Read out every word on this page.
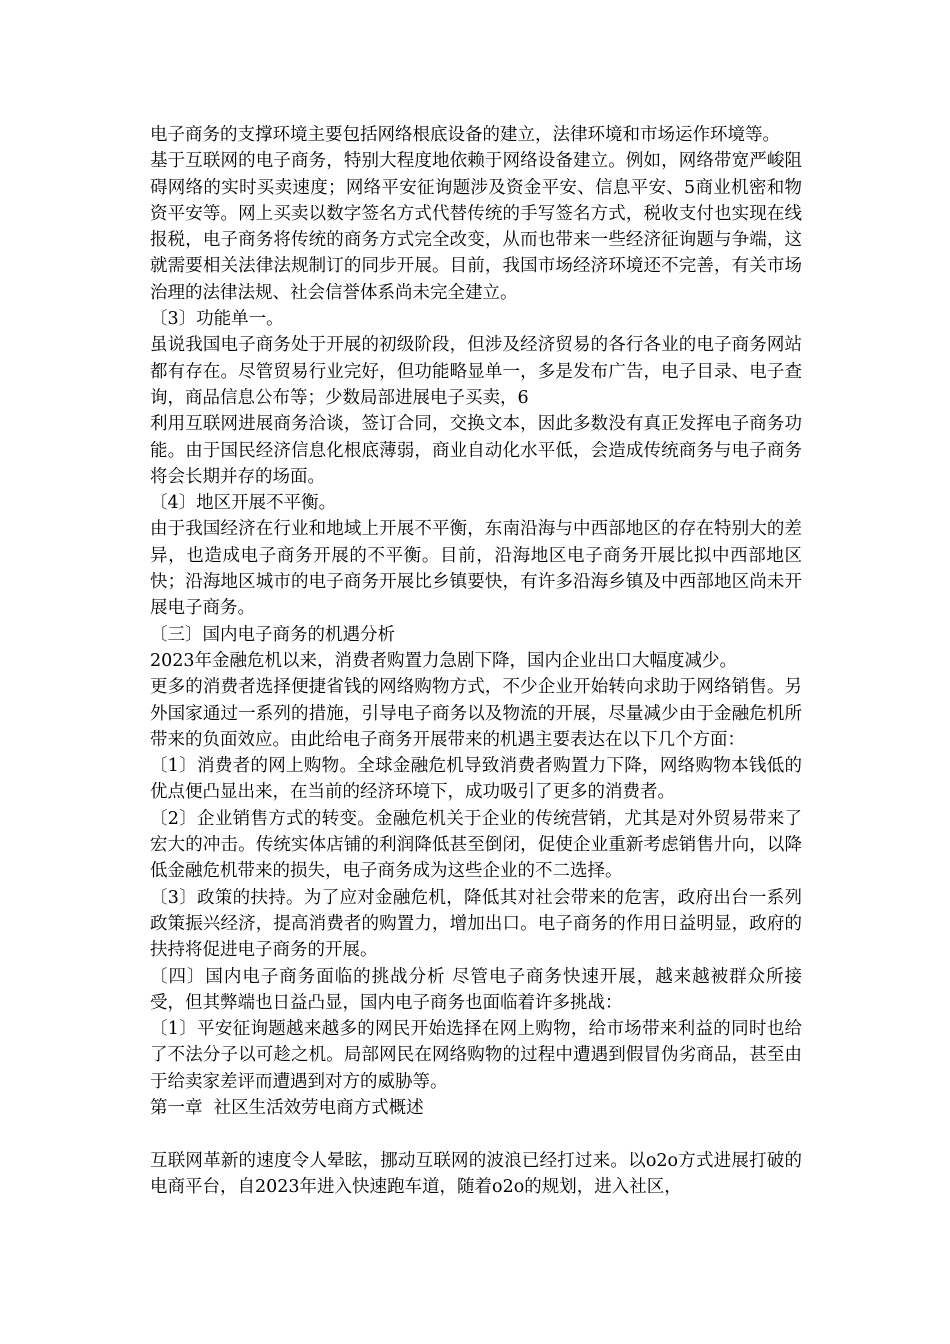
电子商务的支撑环境主要包括网络根底设备的建立，法律环境和市场运作环境等。

基于互联网的电子商务，特别大程度地依赖于网络设备建立。例如，网络带宽严峻阻碍网络的实时买卖速度；网络平安征询题涉及资金平安、信息平安、5商业机密和物资平安等。网上买卖以数字签名方式代替传统的手写签名方式，税收支付也实现在线报税，电子商务将传统的商务方式完全改变，从而也带来一些经济征询题与争端，这就需要相关法律法规制订的同步开展。目前，我国市场经济环境还不完善，有关市场治理的法律法规、社会信誉体系尚未完全建立。

〔3〕功能单一。

虽说我国电子商务处于开展的初级阶段，但涉及经济贸易的各行各业的电子商务网站都有存在。尽管贸易行业完好，但功能略显单一，多是发布广告，电子目录、电子查询，商品信息公布等；少数局部进展电子买卖，6

利用互联网进展商务洽谈，签订合同，交换文本，因此多数没有真正发挥电子商务功能。由于国民经济信息化根底薄弱，商业自动化水平低，会造成传统商务与电子商务将会长期并存的场面。

〔4〕地区开展不平衡。

由于我国经济在行业和地域上开展不平衡，东南沿海与中西部地区的存在特别大的差异，也造成电子商务开展的不平衡。目前，沿海地区电子商务开展比拟中西部地区快；沿海地区城市的电子商务开展比乡镇要快，有许多沿海乡镇及中西部地区尚未开展电子商务。

〔三〕国内电子商务的机遇分析

2023年金融危机以来，消费者购置力急剧下降，国内企业出口大幅度减少。

更多的消费者选择便捷省钱的网络购物方式，不少企业开始转向求助于网络销售。另外国家通过一系列的措施，引导电子商务以及物流的开展，尽量减少由于金融危机所带来的负面效应。由此给电子商务开展带来的机遇主要表达在以下几个方面：

〔1〕消费者的网上购物。全球金融危机导致消费者购置力下降，网络购物本钱低的优点便凸显出来，在当前的经济环境下，成功吸引了更多的消费者。

〔2〕企业销售方式的转变。金融危机关于企业的传统营销，尤其是对外贸易带来了宏大的冲击。传统实体店铺的利润降低甚至倒闭，促使企业重新考虑销售廾向，以降低金融危机带来的损失，电子商务成为这些企业的不二选择。

〔3〕政策的扶持。为了应对金融危机，降低其对社会带来的危害，政府出台一系列政策振兴经济，提高消费者的购置力，增加出口。电子商务的作用日益明显，政府的扶持将促进电子商务的开展。

〔四〕国内电子商务面临的挑战分析 尽管电子商务快速开展，越来越被群众所接受，但其弊端也日益凸显，国内电子商务也面临着许多挑战：

〔1〕平安征询题越来越多的网民开始选择在网上购物，给市场带来利益的同时也给了不法分子以可趁之机。局部网民在网络购物的过程中遭遇到假冒伪劣商品，甚至由于给卖家差评而遭遇到对方的威胁等。

第一章  社区生活效劳电商方式概述

互联网革新的速度令人晕眩，挪动互联网的波浪已经打过来。以o2o方式进展打破的电商平台，自2023年进入快速跑车道，随着o2o的规划，进入社区，
